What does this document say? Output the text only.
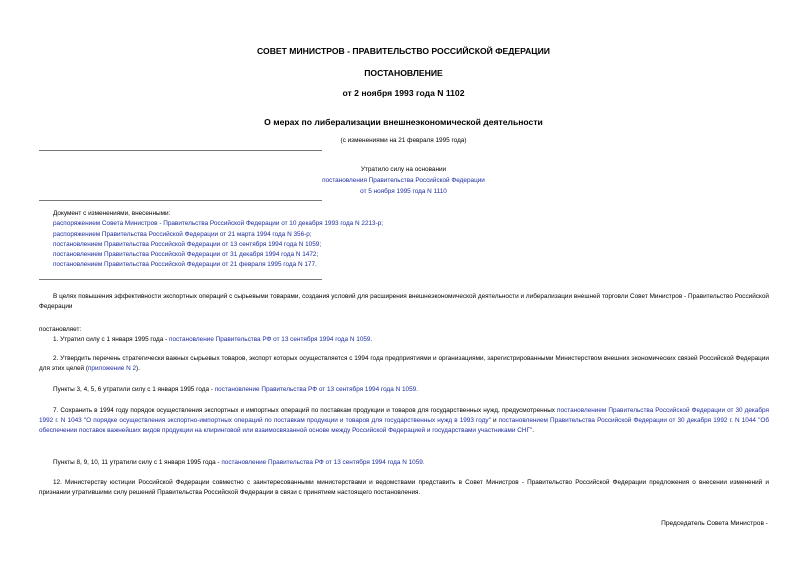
СОВЕТ МИНИСТРОВ - ПРАВИТЕЛЬСТВО РОССИЙСКОЙ ФЕДЕРАЦИИ
ПОСТАНОВЛЕНИЕ
от 2 ноября 1993 года N 1102
О мерах по либерализации внешнеэкономической деятельности
(с изменениями на 21 февраля 1995 года)
Утратило силу на основании
постановления Правительства Российской Федерации
от 5 ноября 1995 года N 1110
Документ с изменениями, внесенными:
распоряжением Совета Министров - Правительства Российской Федерации от 10 декабря 1993 года N 2213-р;
распоряжением Правительства Российской Федерации от 21 марта 1994 года N 356-р;
постановлением Правительства Российской Федерации от 13 сентября 1994 года N 1059;
постановлением Правительства Российской Федерации от 31 декабря 1994 года N 1472;
постановлением Правительства Российской Федерации от 21 февраля 1995 года N 177.
В целях повышения эффективности экспортных операций с сырьевыми товарами, создания условий для расширения внешнеэкономической деятельности и либерализации внешней торговли Совет Министров - Правительство Российской Федерации
постановляет:
1. Утратил силу с 1 января 1995 года - постановление Правительства РФ от 13 сентября 1994 года N 1059.
2. Утвердить перечень стратегически важных сырьевых товаров, экспорт которых осуществляется с 1994 года предприятиями и организациями, зарегистрированными Министерством внешних экономических связей Российской Федерации для этих целей (приложение N 2).
Пункты 3, 4, 5, 6 утратили силу с 1 января 1995 года - постановление Правительства РФ от 13 сентября 1994 года N 1059.
7. Сохранить в 1994 году порядок осуществления экспортных и импортных операций по поставкам продукции и товаров для государственных нужд, предусмотренных постановлением Правительства Российской Федерации от 30 декабря 1992 г. N 1043 "О порядке осуществления экспортно-импортных операций по поставкам продукции и товаров для государственных нужд в 1993 году" и постановлением Правительства Российской Федерации от 30 декабря 1992 г. N 1044 "Об обеспечении поставок важнейших видов продукции на клиринговой или взаимосвязанной основе между Российской Федерацией и государствами участниками СНГ".
Пункты 8, 9, 10, 11 утратили силу с 1 января 1995 года - постановление Правительства РФ от 13 сентября 1994 года N 1059.
12. Министерству юстиции Российской Федерации совместно с заинтересованными министерствами и ведомствами представить в Совет Министров - Правительство Российской Федерации предложения о внесении изменений и признании утратившими силу решений Правительства Российской Федерации в связи с принятием настоящего постановления.
Председатель Совета Министров -
